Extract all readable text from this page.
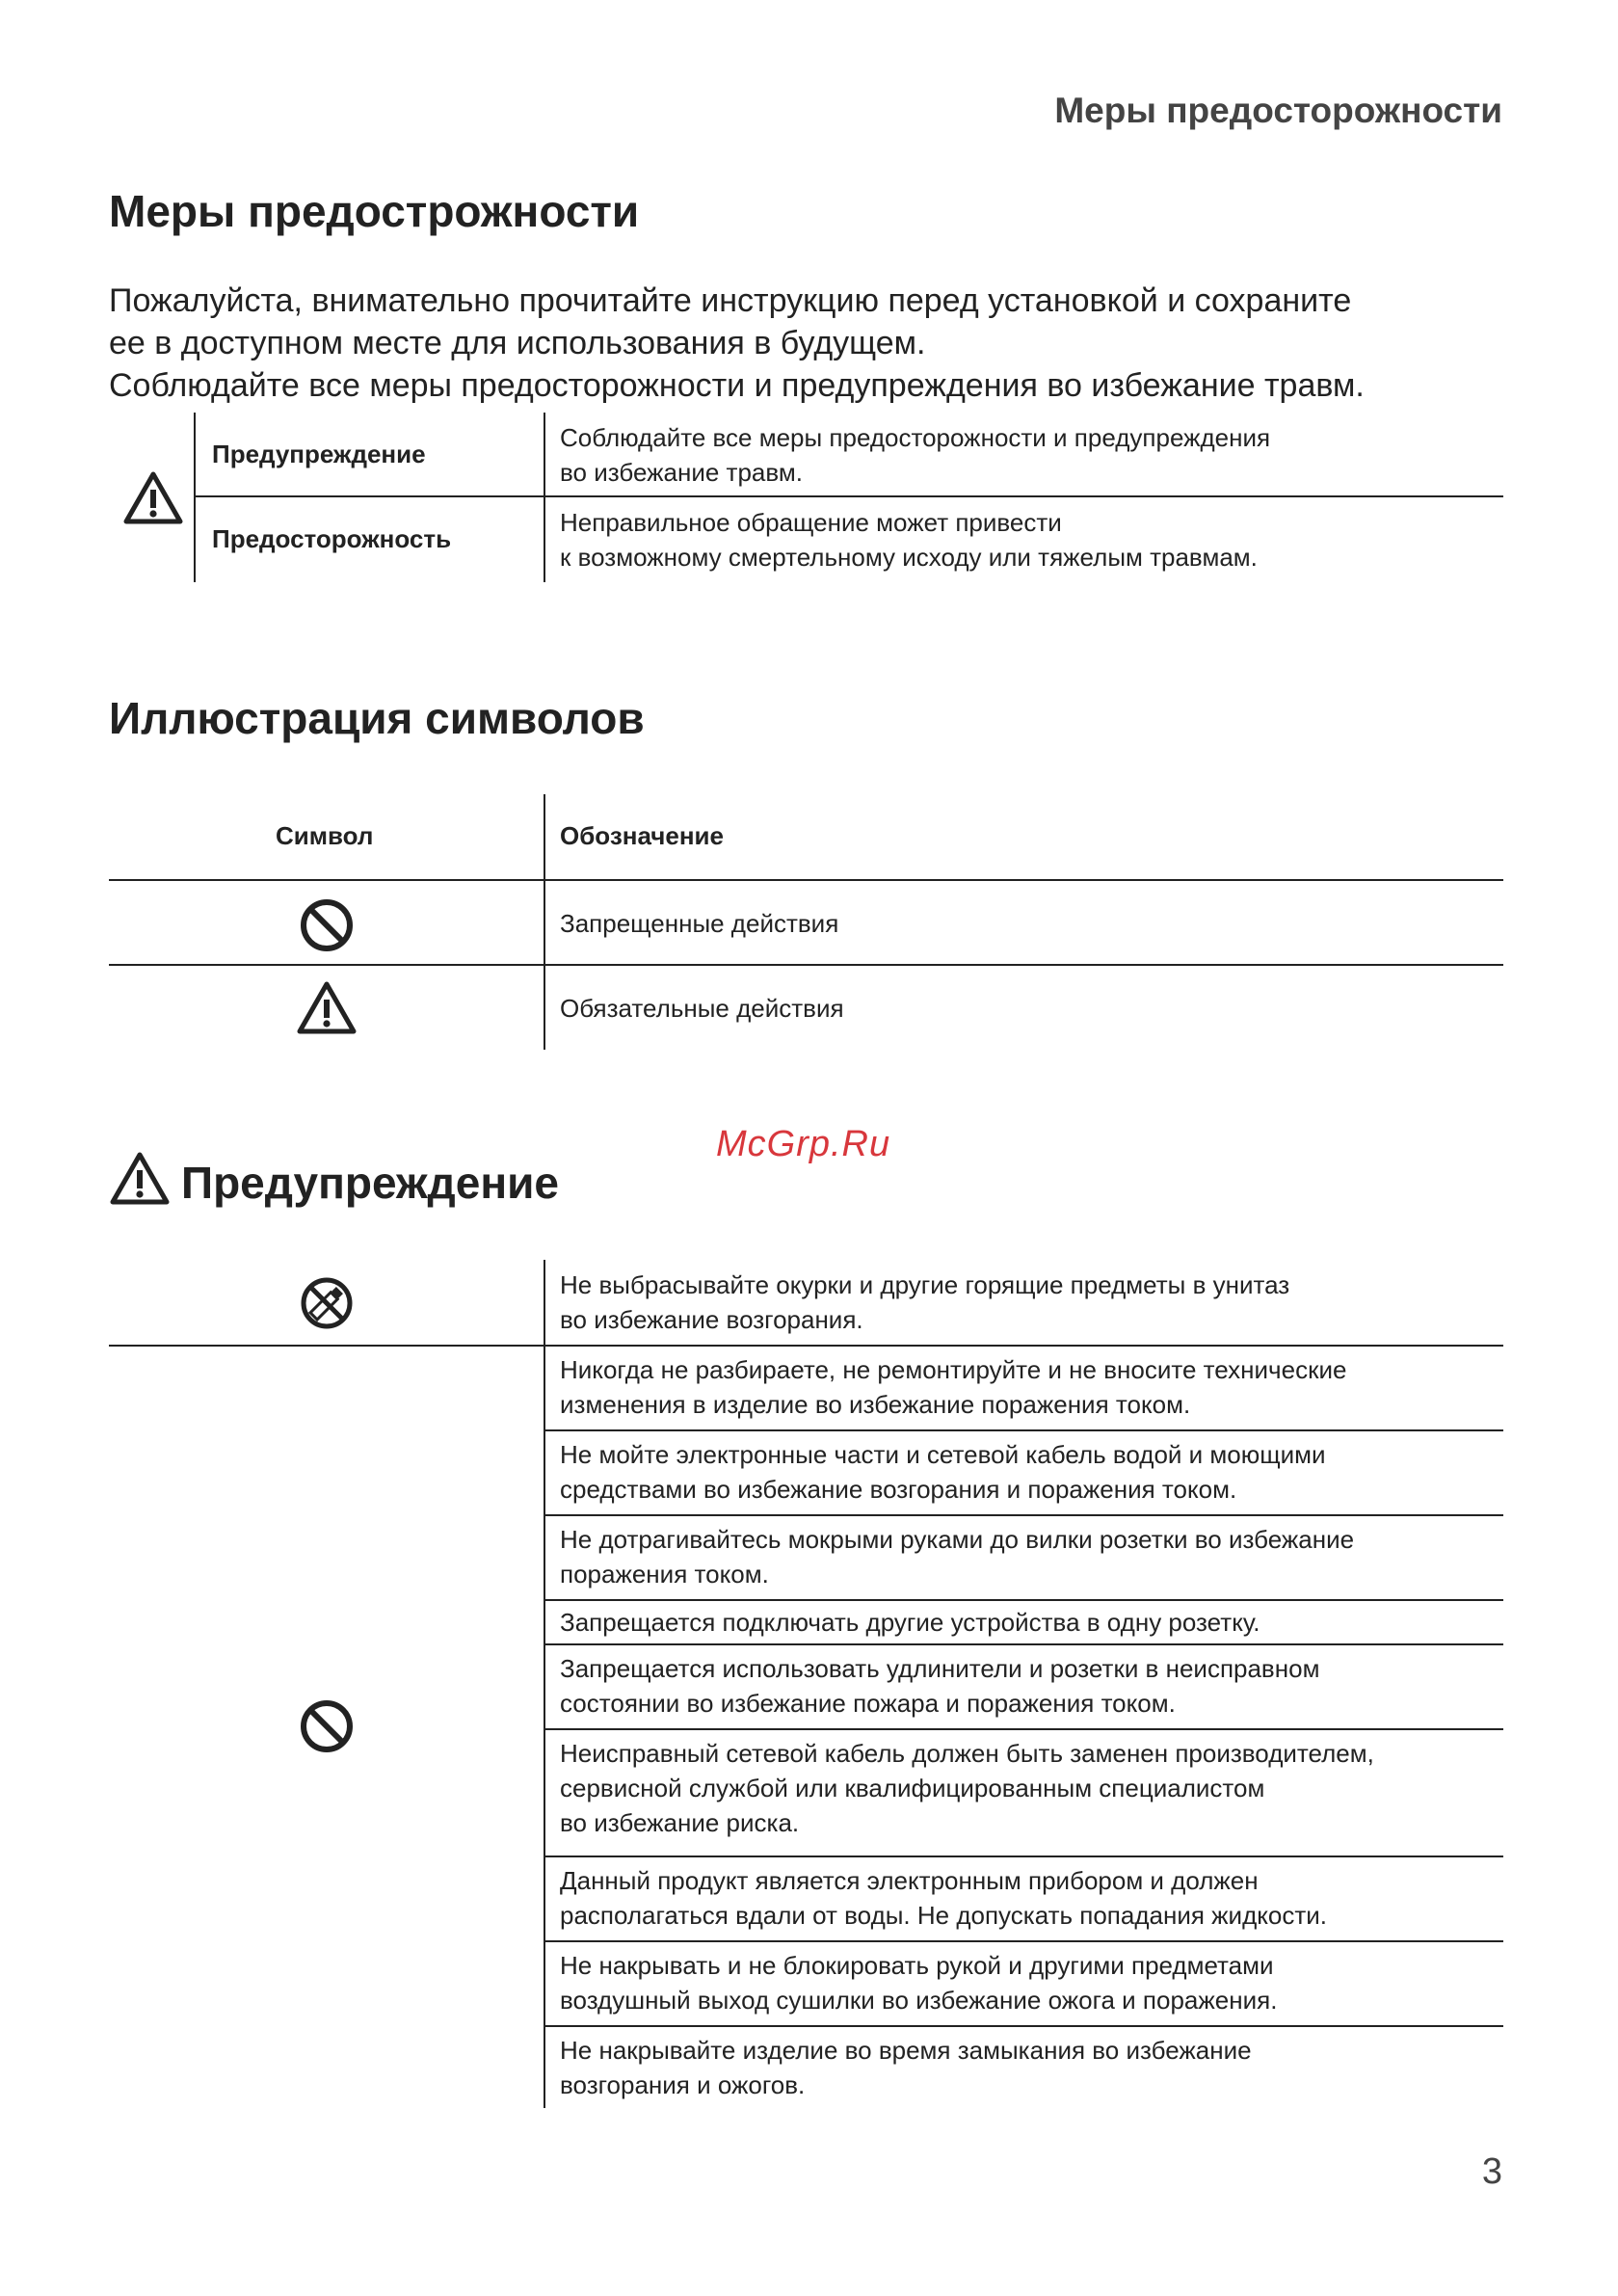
Меры предосторожности
Меры предострожности
Пожалуйста, внимательно прочитайте инструкцию перед установкой и сохраните
ее в доступном месте для использования в будущем.
Соблюдайте все меры предосторожности и предупреждения во избежание травм.
Предупреждение
Соблюдайте все меры предосторожности и предупреждения
во избежание травм.
Предосторожность
Неправильное обращение может привести
к возможному смертельному исходу или тяжелым травмам.
Иллюстрация символов
Символ	Обозначение
Запрещенные действия
Обязательные действия
McGrp.Ru
Предупреждение
Не выбрасывайте окурки и другие горящие предметы в унитаз
во избежание возгорания.
Никогда не разбираете, не ремонтируйте и не вносите технические
изменения в изделие во избежание поражения током.
Не мойте электронные части и сетевой кабель водой и моющими
средствами во избежание возгорания и поражения током.
Не дотрагивайтесь мокрыми руками до вилки розетки во избежание
поражения током.
Запрещается подключать другие устройства в одну розетку.
Запрещается использовать удлинители и розетки в неисправном
состоянии во избежание пожара и поражения током.
Неисправный сетевой кабель должен быть заменен производителем,
сервисной службой или квалифицированным специалистом
во избежание риска.
Данный продукт является электронным прибором и должен
располагаться вдали от воды. Не допускать попадания жидкости.
Не накрывать и не блокировать рукой и другими предметами
воздушный выход сушилки во избежание ожога и поражения.
Не накрывайте изделие во время замыкания во избежание
возгорания и ожогов.
3
